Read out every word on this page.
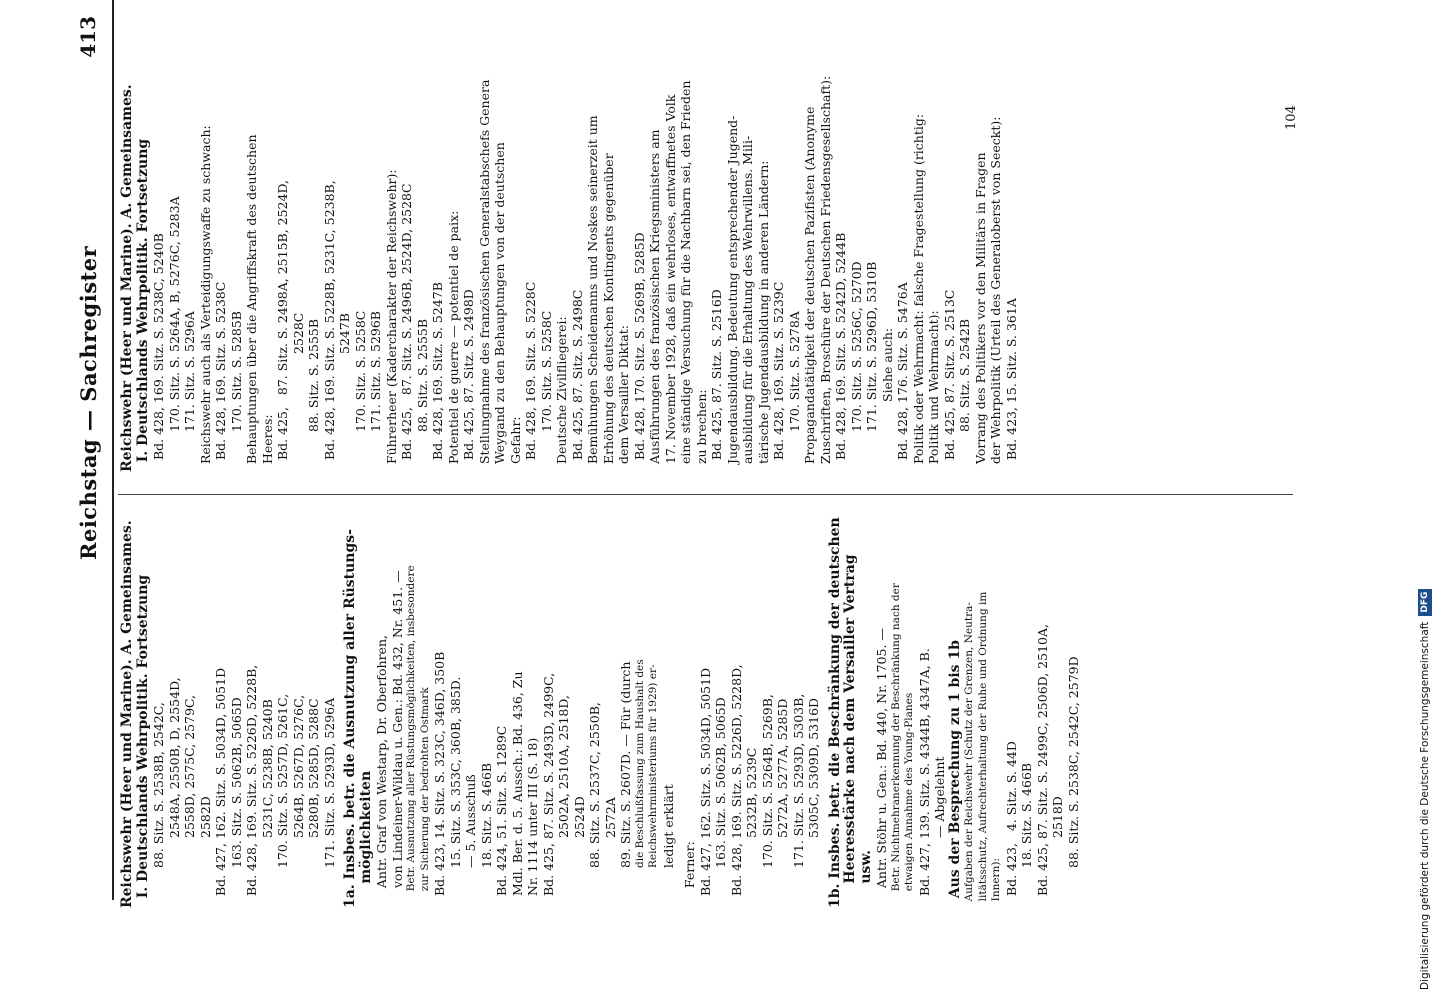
Reichstag — Sachregister
413
Reichswehr (Heer und Marine). A. Gemeinsames. I. Deutschlands Wehrpolitik. Fortsetzung 88. Sitz. S. 2538B, 2542C, 2548A, 2550B, D, 2554D, 2558D, 2575C, 2579C, 2582D Bd. 427, 162. Sitz. S. 5034D, 5051D 163. Sitz. S. 5062B, 5065D Bd. 428, 169. Sitz. S. 5226D, 5228B, 5231C, 5238B, 5240B 170. Sitz. S. 5257D, 5261C, 5264B, 5267D, 5276C, 5280B, 5285D, 5288C 171. Sitz. S. 5293D, 5296A 1a. Insbes. betr. die Ausnutzung aller Rüstungs- möglichkeiten Antr. Graf von Westarp, Dr. Oberfohren, von Lindeiner-Wildau u. Gen.: Bd. 432, Nr. 451. — Betr. Ausnutzung aller Rüstungsmöglichkeiten, insbesondere zur Sicherung der bedrohten Ostmark Bd. 423, 14. Sitz. S. 323C, 346D, 350B 15. Sitz. S. 353C, 360B, 385D. — 5. Ausschuß 18. Sitz. S. 466B Bd. 424, 51. Sitz. S. 1289C Mdl. Ber. d. 5. Aussch.: Bd. 436, Zu Nr. 1114 unter III (S. 18) Bd. 425, 87. Sitz. S. 2493D, 2499C, 2502A, 2510A, 2518D, 2524D 88. Sitz. S. 2537C, 2550B, 2572A 89. Sitz. S. 2607D. — Für (durch die Beschlußfassung zum Haushalt des Reichswehrministeriums für 1929) er- ledigt erklärt
Ferner: Bd. 427, 162. Sitz. S. 5034D, 5051D 163. Sitz. S. 5062B, 5065D Bd. 428, 169. Sitz. S. 5226D, 5228D, 5232B, 5239C 170. Sitz. S. 5264B, 5269B, 5272A, 5277A, 5285D 171. Sitz. S. 5293D, 5303B, 5305C, 5309D, 5316D 1b. Insbes. betr. die Beschränkung der deutschen Heeresstärke nach dem Versailler Vertrag usw. Antr. Stöhr u. Gen.: Bd. 440, Nr. 1705. — Betr. Nichtmehranerkennung der Beschränkung nach der etwaigen Annahme des Young-Planes Bd. 427, 139. Sitz. S. 4344B, 4347A, B. — Abgelehnt Aus der Besprechung zu 1 bis 1b Aufgaben der Reichswehr (Schutz der Grenzen, Neutra- litätsschutz, Aufrechterhaltung der Ruhe und Ordnung im Innern): Bd. 423,   4. Sitz. S. 44D 18. Sitz. S. 466B Bd. 425, 87. Sitz. S. 2499C, 2506D, 2510A, 2518D 88. Sitz. S. 2538C, 2542C, 2579D
Reichswehr (Heer und Marine). A. Gemeinsames. I. Deutschlands Wehrpolitik. Fortsetzung Bd. 428, 169. Sitz. S. 5238C, 5240B 170. Sitz. S. 5264A, B, 5276C, 5283A 171. Sitz. S. 5296A Reichswehr auch als Verteidigungswaffe zu schwach: Bd. 428, 169. Sitz. S. 5238C 170. Sitz. S. 5285B Behauptungen über die Angriffskraft des deutschen Heeres: Bd. 425,   87. Sitz. S. 2498A, 2515B, 2524D, 2528C 88. Sitz. S. 2555B Bd. 428, 169. Sitz. S. 5228B, 5231C, 5238B, 5247B 170. Sitz. S. 5258C 171. Sitz. S. 5296B Führerheer (Kadercharakter der Reichswehr): Bd. 425,   87. Sitz. S. 2496B, 2524D, 2528C 88. Sitz. S. 2555B Bd. 428, 169. Sitz. S. 5247B Potentiel de guerre — potentiel de paix: Bd. 425, 87. Sitz. S. 2498D Stellungnahme des französischen Generalstabschefs Genera Weygand zu den Behauptungen von der deutschen Gefahr: Bd. 428, 169. Sitz. S. 5228C 170. Sitz. S. 5258C Deutsche Zivilfliegerei: Bd. 425, 87. Sitz. S. 2498C Bemühungen Scheidemanns und Noskes seinerzeit um Erhöhung des deutschen Kontingents gegenüber dem Versailler Diktat: Bd. 428, 170. Sitz. S. 5269B, 5285D Ausführungen des französischen Kriegsministers am 17. November 1928, daß ein wehrloses, entwaffnetes Volk eine ständige Versuchung für die Nachbarn sei, den Frieden zu brechen: Bd. 425, 87. Sitz. S. 2516D Jugendausbildung. Bedeutung entsprechender Jugend- ausbildung für die Erhaltung des Wehrwillens. Mili- tärische Jugendausbildung in anderen Ländern: Bd. 428, 169. Sitz. S. 5239C 170. Sitz. S. 5278A Propagandatätigkeit der deutschen Pazifisten (Anonyme Zuschriften, Broschüre der Deutschen Friedensgesellschaft): Bd. 428, 169. Sitz. S. 5242D, 5244B 170. Sitz. S. 5256C, 5270D 171. Sitz. S. 5296D, 5310B Siehe auch: Bd. 428, 176. Sitz. S. 5476A Politik oder Wehrmacht: falsche Fragestellung (richtig: Politik und Wehrmacht): Bd. 425, 87. Sitz. S. 2513C 88. Sitz. S. 2542B Vorrang des Politikers vor den Militärs in Fragen der Wehrpolitik (Urteil des Generaloberst von Seeckt): Bd. 423, 15. Sitz. S. 361A
104
Digitalisierung gefördert durch die Deutsche ForschungsgemeinschaftDFG
